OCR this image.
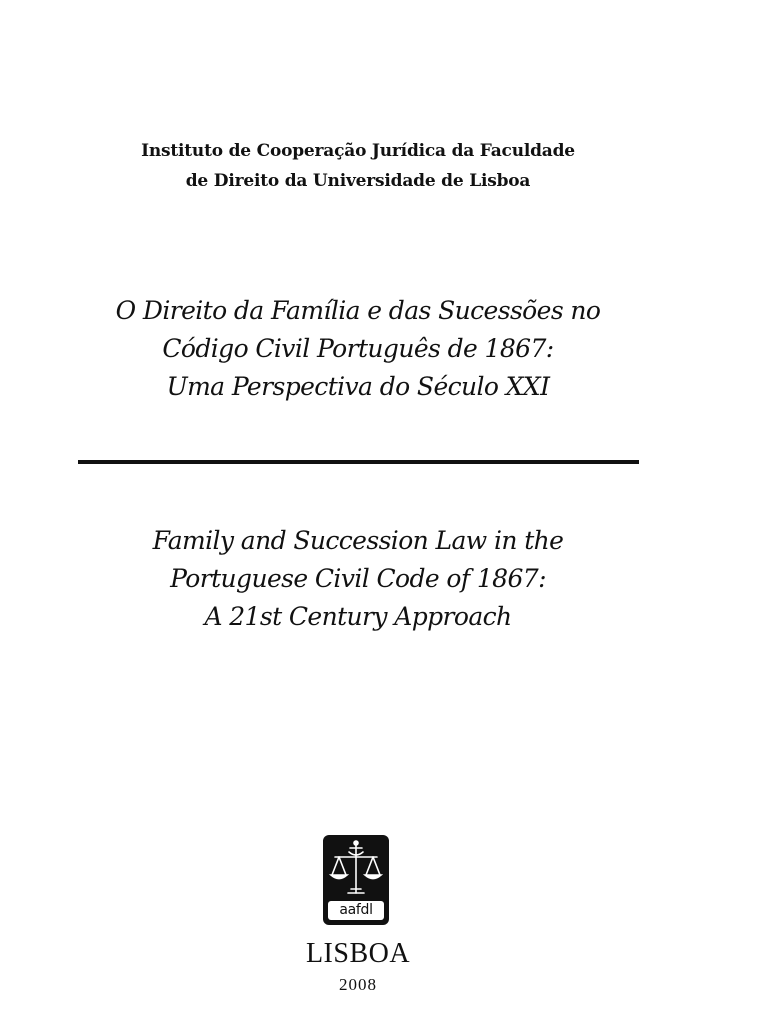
Instituto de Cooperação Jurídica da Faculdade
de Direito da Universidade de Lisboa
O Direito da Família e das Sucessões no
Código Civil Português de 1867:
Uma Perspectiva do Século XXI
Family and Succession Law in the
Portuguese Civil Code of 1867:
A 21st Century Approach
aafdl
LISBOA
2008
